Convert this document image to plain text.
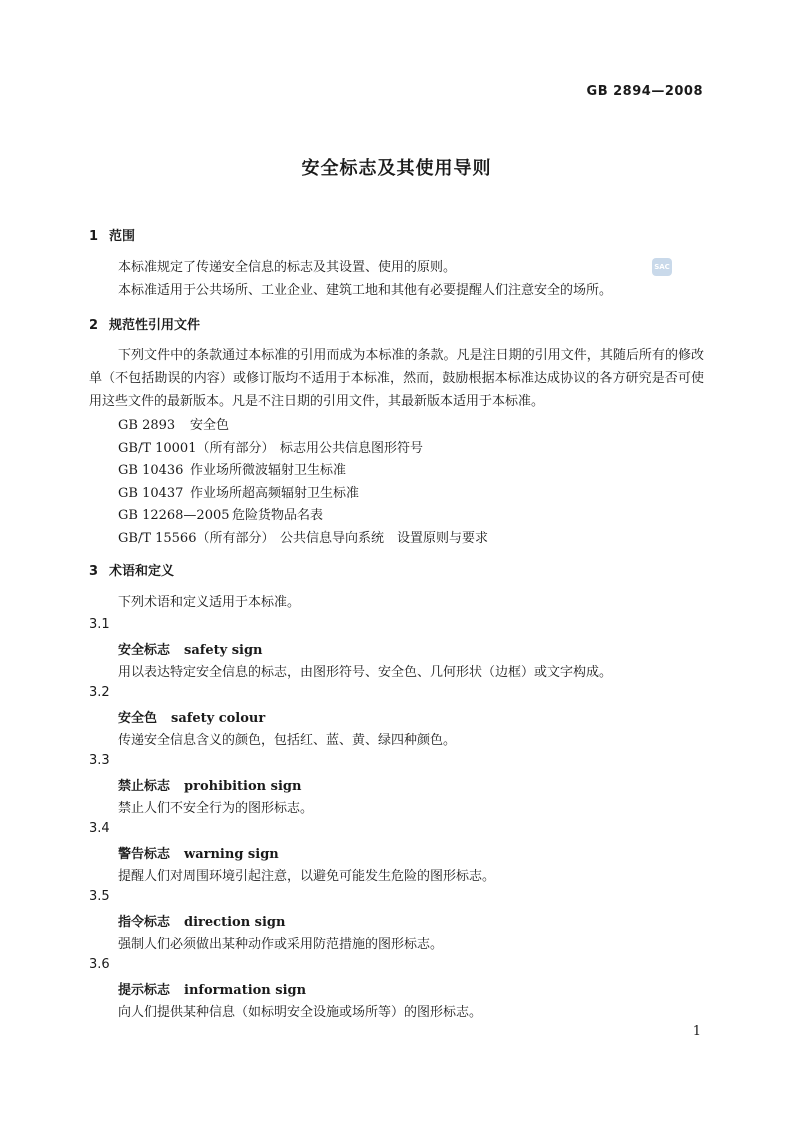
GB 2894—2008
SAC
安全标志及其使用导则
1 范围
本标准规定了传递安全信息的标志及其设置、使用的原则。
本标准适用于公共场所、工业企业、建筑工地和其他有必要提醒人们注意安全的场所。
2 规范性引用文件
下列文件中的条款通过本标准的引用而成为本标准的条款。凡是注日期的引用文件，其随后所有的修改单（不包括勘误的内容）或修订版均不适用于本标准，然而，鼓励根据本标准达成协议的各方研究是否可使用这些文件的最新版本。凡是不注日期的引用文件，其最新版本适用于本标准。
GB 2893 安全色
GB/T 10001（所有部分） 标志用公共信息图形符号
GB 10436 作业场所微波辐射卫生标准
GB 10437 作业场所超高频辐射卫生标准
GB 12268—2005 危险货物品名表
GB/T 15566（所有部分） 公共信息导向系统　设置原则与要求
3 术语和定义
下列术语和定义适用于本标准。
3.1
安全标志 safety sign
用以表达特定安全信息的标志，由图形符号、安全色、几何形状（边框）或文字构成。
3.2
安全色 safety colour
传递安全信息含义的颜色，包括红、蓝、黄、绿四种颜色。
3.3
禁止标志 prohibition sign
禁止人们不安全行为的图形标志。
3.4
警告标志 warning sign
提醒人们对周围环境引起注意，以避免可能发生危险的图形标志。
3.5
指令标志 direction sign
强制人们必须做出某种动作或采用防范措施的图形标志。
3.6
提示标志 information sign
向人们提供某种信息（如标明安全设施或场所等）的图形标志。
1
